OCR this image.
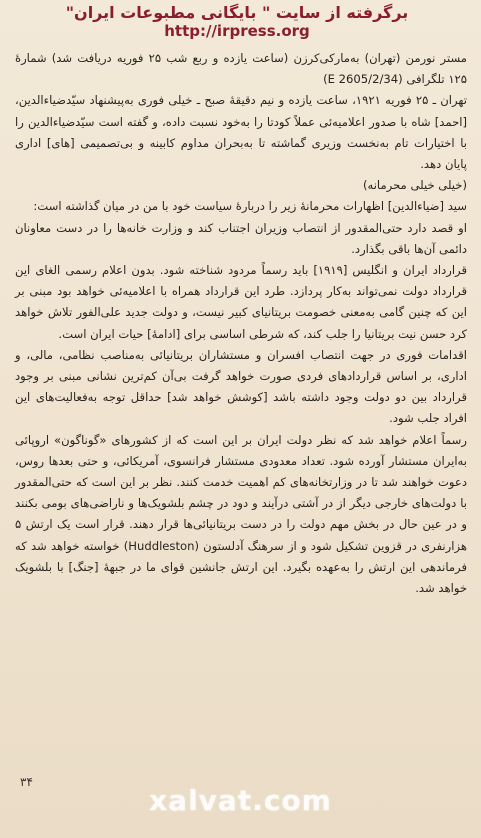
برگرفته از سایت " بایگانی مطبوعات ایران"
http://irpress.org

مستر نورمن (تهران) به‌مارکی‌کرزن (ساعت یازده و ربع شب ۲۵ فوریه دریافت شد) شمارهٔ ۱۲۵ تلگرافی (E 2605/2/34)

تهران ـ ۲۵ فوریه ۱۹۲۱، ساعت یازده و نیم دقیقهٔ صبح ـ خیلی فوری به‌پیشنهاد سیّدضیاءالدین، [احمد] شاه با صدور اعلامیه‌ئی عملاً کودتا را به‌خود نسبت داده، و گفته است سیّدضیاءالدین را با اختیارات تام به‌نخست وزیری گماشته تا به‌بحران مداوم کابینه و بی‌تصمیمی [های] اداری پایان دهد.

(خیلی خیلی محرمانه)

سید [ضیاءالدین] اظهارات محرمانهٔ زیر را دربارهٔ سیاست خود با من در میان گذاشته است:

او قصد دارد حتی‌المقدور از انتصاب وزیران اجتناب کند و وزارت خانه‌ها را در دست معاونان دائمی آن‌ها باقی بگذارد.

قرارداد ایران و انگلیس [۱۹۱۹] باید رسماً مردود شناخته شود. بدون اعلام رسمی الغای این قرارداد دولت نمی‌تواند به‌کار پردازد. طرد این قرارداد همراه با اعلامیه‌ئی خواهد بود مبنی بر این که چنین گامی به‌معنی خصومت بریتانیای کبیر نیست، و دولت جدید علی‌الفور تلاش خواهد کرد حسن نیت بریتانیا را جلب کند، که شرطی اساسی برای [ادامهٔ] حیات ایران است.

اقدامات فوری در جهت انتصاب افسران و مستشاران بریتانیائی به‌مناصب نظامی، مالی، و اداری، بر اساس قراردادهای فردی صورت خواهد گرفت بی‌آن کم‌ترین نشانی مبنی بر وجود قرارداد بین دو دولت وجود داشته باشد [کوشش خواهد شد] حداقل توجه به‌فعالیت‌های این افراد جلب شود.

رسماً اعلام خواهد شد که نظر دولت ایران بر این است که از کشورهای «گوناگون» اروپائی به‌ایران مستشار آورده شود. تعداد معدودی مستشار فرانسوی، آمریکائی، و حتی بعدها روس، دعوت خواهند شد تا در وزارتخانه‌های کم اهمیت خدمت کنند. نظر بر این است که حتی‌المقدور با دولت‌های خارجی دیگر از در آشتی درآیند و دود در چشم بلشویک‌ها و ناراضی‌های بومی بکنند و در عین حال در بخش مهم دولت را در دست بریتانیائی‌ها قرار دهند. قرار است یک ارتش ۵ هزارنفری در قزوین تشکیل شود و از سرهنگ آدلستون (Huddleston) خواسته خواهد شد که فرماندهی این ارتش را به‌عهده بگیرد. این ارتش جانشین قوای ما در جبههٔ [جنگ] با بلشویک خواهد شد.

۳۴
xalvat.com
